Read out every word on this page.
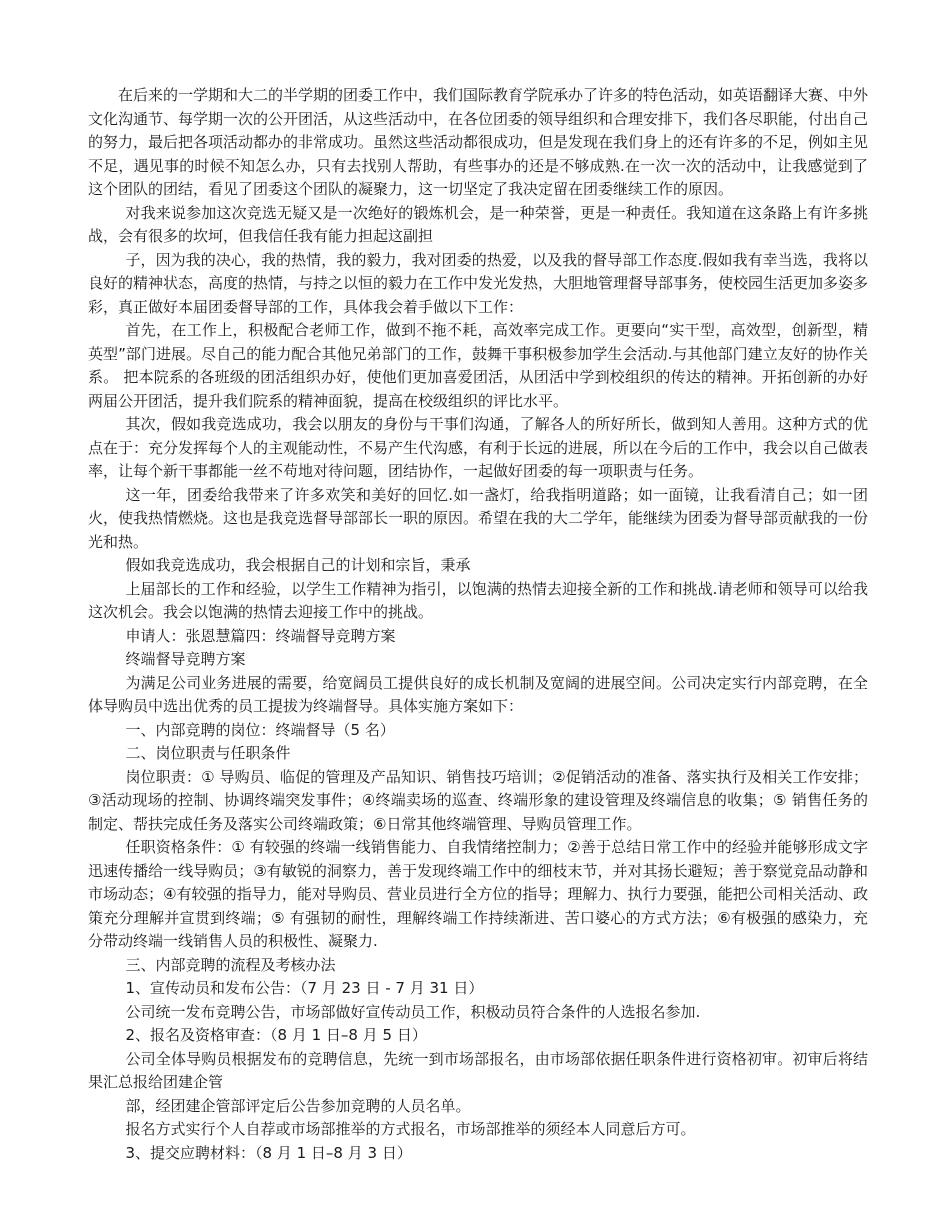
在后来的一学期和大二的半学期的团委工作中，我们国际教育学院承办了许多的特色活动，如英语翻译大赛、中外文化沟通节、每学期一次的公开团活，从这些活动中，在各位团委的领导组织和合理安排下，我们各尽职能，付出自己的努力，最后把各项活动都办的非常成功。虽然这些活动都很成功，但是发现在我们身上的还有许多的不足，例如主见不足，遇见事的时候不知怎么办，只有去找别人帮助，有些事办的还是不够成熟.在一次一次的活动中，让我感觉到了这个团队的团结，看见了团委这个团队的凝聚力，这一切坚定了我决定留在团委继续工作的原因。

对我来说参加这次竞选无疑又是一次绝好的锻炼机会，是一种荣誉，更是一种责任。我知道在这条路上有许多挑战，会有很多的坎坷，但我信任我有能力担起这副担

子，因为我的决心，我的热情，我的毅力，我对团委的热爱，以及我的督导部工作态度.假如我有幸当选，我将以良好的精神状态，高度的热情，与持之以恒的毅力在工作中发光发热，大胆地管理督导部事务，使校园生活更加多姿多彩，真正做好本届团委督导部的工作，具体我会着手做以下工作：

首先，在工作上，积极配合老师工作，做到不拖不耗，高效率完成工作。更要向“实干型，高效型，创新型，精英型”部门进展。尽自己的能力配合其他兄弟部门的工作，鼓舞干事积极参加学生会活动.与其他部门建立友好的协作关系。 把本院系的各班级的团活组织办好，使他们更加喜爱团活，从团活中学到校组织的传达的精神。开拓创新的办好两届公开团活，提升我们院系的精神面貌，提高在校级组织的评比水平。

其次，假如我竞选成功，我会以朋友的身份与干事们沟通，了解各人的所好所长，做到知人善用。这种方式的优点在于：充分发挥每个人的主观能动性，不易产生代沟感，有利于长远的进展，所以在今后的工作中，我会以自己做表率，让每个新干事都能一丝不苟地对待问题，团结协作，一起做好团委的每一项职责与任务。

这一年，团委给我带来了许多欢笑和美好的回忆.如一盏灯，给我指明道路；如一面镜，让我看清自己；如一团火，使我热情燃烧。这也是我竞选督导部部长一职的原因。希望在我的大二学年，能继续为团委为督导部贡献我的一份光和热。

假如我竞选成功，我会根据自己的计划和宗旨，秉承

上届部长的工作和经验，以学生工作精神为指引，以饱满的热情去迎接全新的工作和挑战.请老师和领导可以给我这次机会。我会以饱满的热情去迎接工作中的挑战。

申请人：张恩慧篇四：终端督导竞聘方案

终端督导竞聘方案

为满足公司业务进展的需要，给宽阔员工提供良好的成长机制及宽阔的进展空间。公司决定实行内部竞聘，在全体导购员中选出优秀的员工提拔为终端督导。具体实施方案如下：

一、内部竞聘的岗位：终端督导（5 名）

二、岗位职责与任职条件

岗位职责：① 导购员、临促的管理及产品知识、销售技巧培训；②促销活动的准备、落实执行及相关工作安排；③活动现场的控制、协调终端突发事件；④终端卖场的巡查、终端形象的建设管理及终端信息的收集；⑤ 销售任务的制定、帮扶完成任务及落实公司终端政策；⑥日常其他终端管理、导购员管理工作。

任职资格条件：① 有较强的终端一线销售能力、自我情绪控制力；②善于总结日常工作中的经验并能够形成文字迅速传播给一线导购员；③有敏锐的洞察力，善于发现终端工作中的细枝末节，并对其扬长避短；善于察觉竞品动静和市场动态；④有较强的指导力，能对导购员、营业员进行全方位的指导；理解力、执行力要强，能把公司相关活动、政策充分理解并宣贯到终端；⑤ 有强韧的耐性，理解终端工作持续渐进、苦口婆心的方式方法；⑥有极强的感染力，充分带动终端一线销售人员的积极性、凝聚力.

三、内部竞聘的流程及考核办法

1、宣传动员和发布公告：（7 月 23 日 - 7 月 31 日）

公司统一发布竞聘公告，市场部做好宣传动员工作，积极动员符合条件的人选报名参加.

2、报名及资格审查：（8 月 1 日–8 月 5 日）

公司全体导购员根据发布的竞聘信息，先统一到市场部报名，由市场部依据任职条件进行资格初审。初审后将结果汇总报给团建企管

部，经团建企管部评定后公告参加竞聘的人员名单。

报名方式实行个人自荐或市场部推举的方式报名，市场部推举的须经本人同意后方可。

3、提交应聘材料：（8 月 1 日–8 月 3 日）
